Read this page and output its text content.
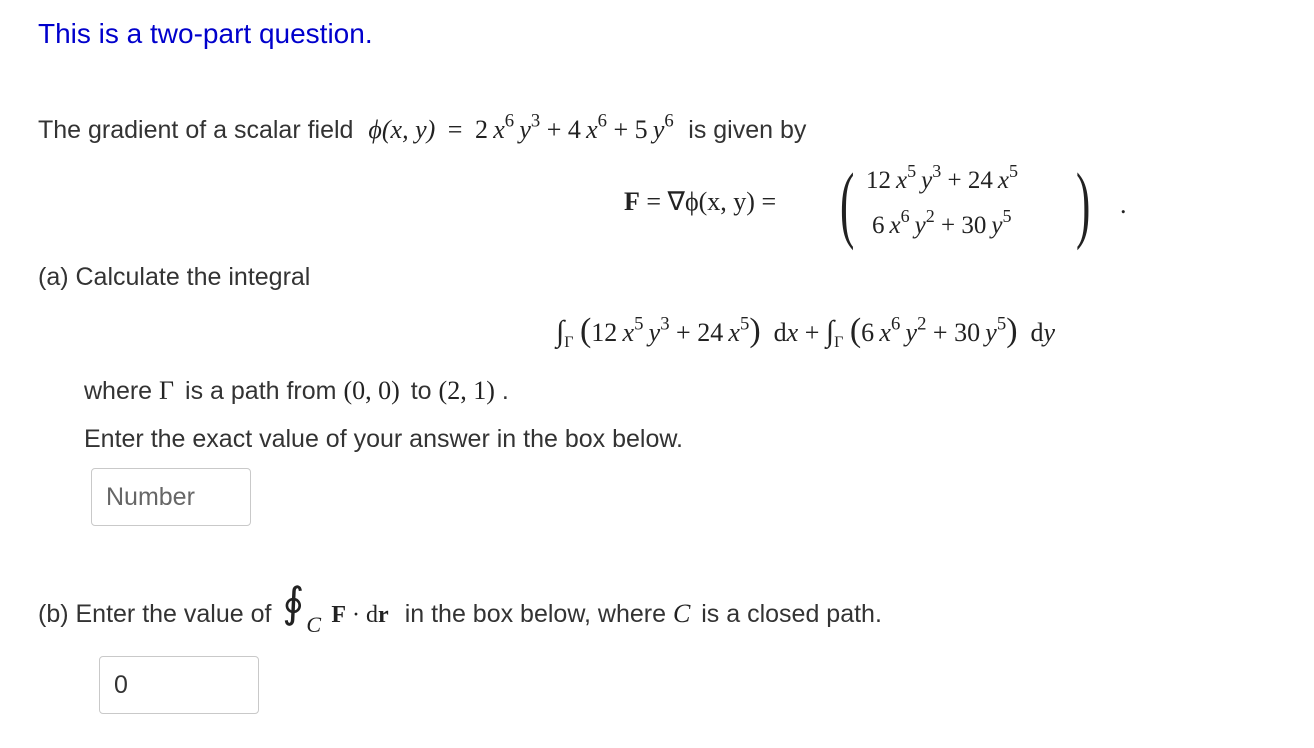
This is a two-part question.
The gradient of a scalar field ϕ(x, y) = 2 $x^6$  $y^3 + 4$ $x^6 + 5$ $y^6$ is given by
F = ∇ϕ(x, y) = ( 12 $x^5$  $y^3 + 24$ $x^5$
6 $x^6$  $y^2 + 30$ $y^5$ ) .
(a) Calculate the integral
$\int_\Gamma$ (12 $x^5$  $y^3 + 24$ $x^5$)  dx + $\int_\Gamma$ (6 $x^6$  $y^2 + 30$ $y^5$)  dy
where Γ is a path from (0, 0) to (2, 1) .
Enter the exact value of your answer in the box below.
Number
(b) Enter the value of ∮ C F · dr in the box below, where C is a closed path.
0
